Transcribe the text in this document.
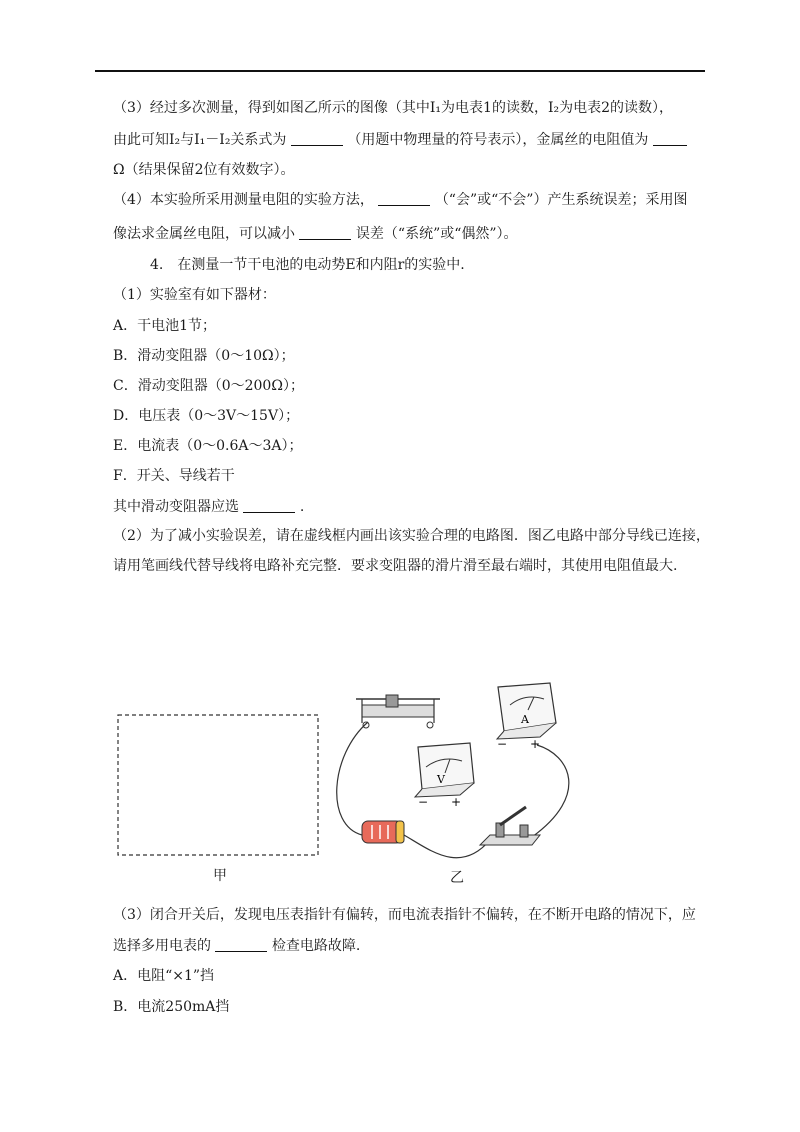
（3）经过多次测量，得到如图乙所示的图像（其中I₁为电表1的读数，I₂为电表2的读数），
由此可知I₂与I₁－I₂关系式为	（用题中物理量的符号表示），金属丝的电阻值为
Ω（结果保留2位有效数字）。
（4）本实验所采用测量电阻的实验方法，	（“会”或“不会”）产生系统误差；采用图
像法求金属丝电阻，可以减小	误差（“系统”或“偶然”）。
4.　在测量一节干电池的电动势E和内阻r的实验中.
（1）实验室有如下器材：
A．干电池1节；
B．滑动变阻器（0～10Ω）；
C．滑动变阻器（0～200Ω）；
D．电压表（0～3V～15V）；
E．电流表（0～0.6A～3A）；
F．开关、导线若干
其中滑动变阻器应选	.
（2）为了减小实验误差，请在虚线框内画出该实验合理的电路图．图乙电路中部分导线已连接，
请用笔画线代替导线将电路补充完整．要求变阻器的滑片滑至最右端时，其使用电阻值最大.
A
− +
V
− +
甲	乙
（3）闭合开关后，发现电压表指针有偏转，而电流表指针不偏转，在不断开电路的情况下，应
选择多用电表的	检查电路故障.
A．电阻“×1”挡
B．电流250mA挡
